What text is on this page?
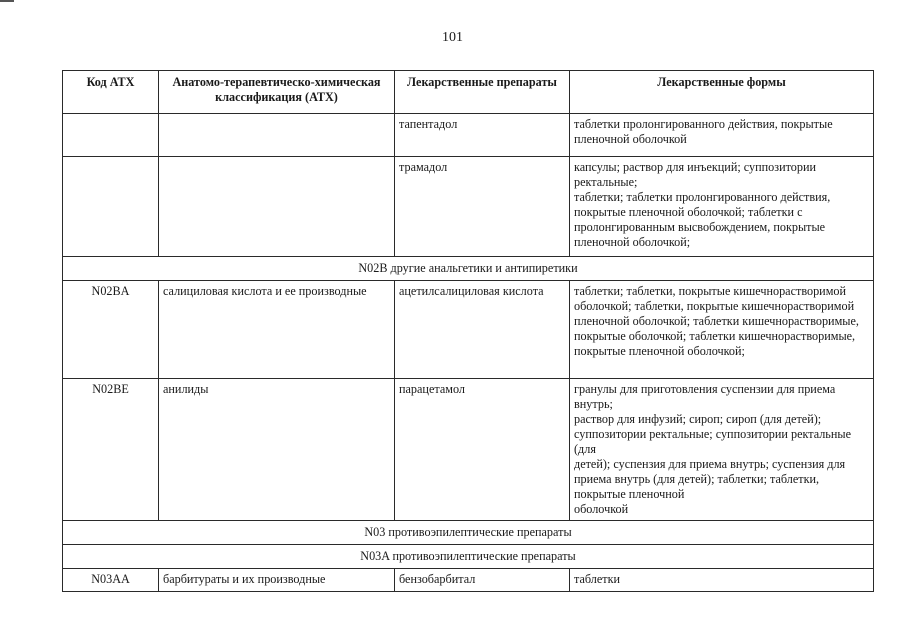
101
Код АТХ	Анатомо-терапевтическо-химическая классификация (АТХ)	Лекарственные препараты	Лекарственные формы
		тапентадол	таблетки пролонгированного действия, покрытые пленочной оболочкой
		трамадол	капсулы; раствор для инъекций; суппозитории ректальные;
таблетки; таблетки пролонгированного действия, покрытые пленочной оболочкой; таблетки с пролонгированным высвобождением, покрытые пленочной оболочкой;
N02B другие анальгетики и антипиретики			
N02BA	салициловая кислота и ее производные	ацетилсалициловая кислота	таблетки; таблетки, покрытые кишечнорастворимой оболочкой; таблетки, покрытые кишечнорастворимой пленочной оболочкой; таблетки кишечнорастворимые, покрытые оболочкой; таблетки кишечнорастворимые, покрытые пленочной оболочкой;
N02BE	анилиды	парацетамол	гранулы для приготовления суспензии для приема внутрь;
раствор для инфузий; сироп; сироп (для детей); суппозитории ректальные; суппозитории ректальные (для
детей); суспензия для приема внутрь; суспензия для приема внутрь (для детей); таблетки; таблетки, покрытые пленочной
оболочкой
N03 противоэпилептические препараты			
N03A противоэпилептические препараты			
N03AA	барбитураты и их производные	бензобарбитал	таблетки
